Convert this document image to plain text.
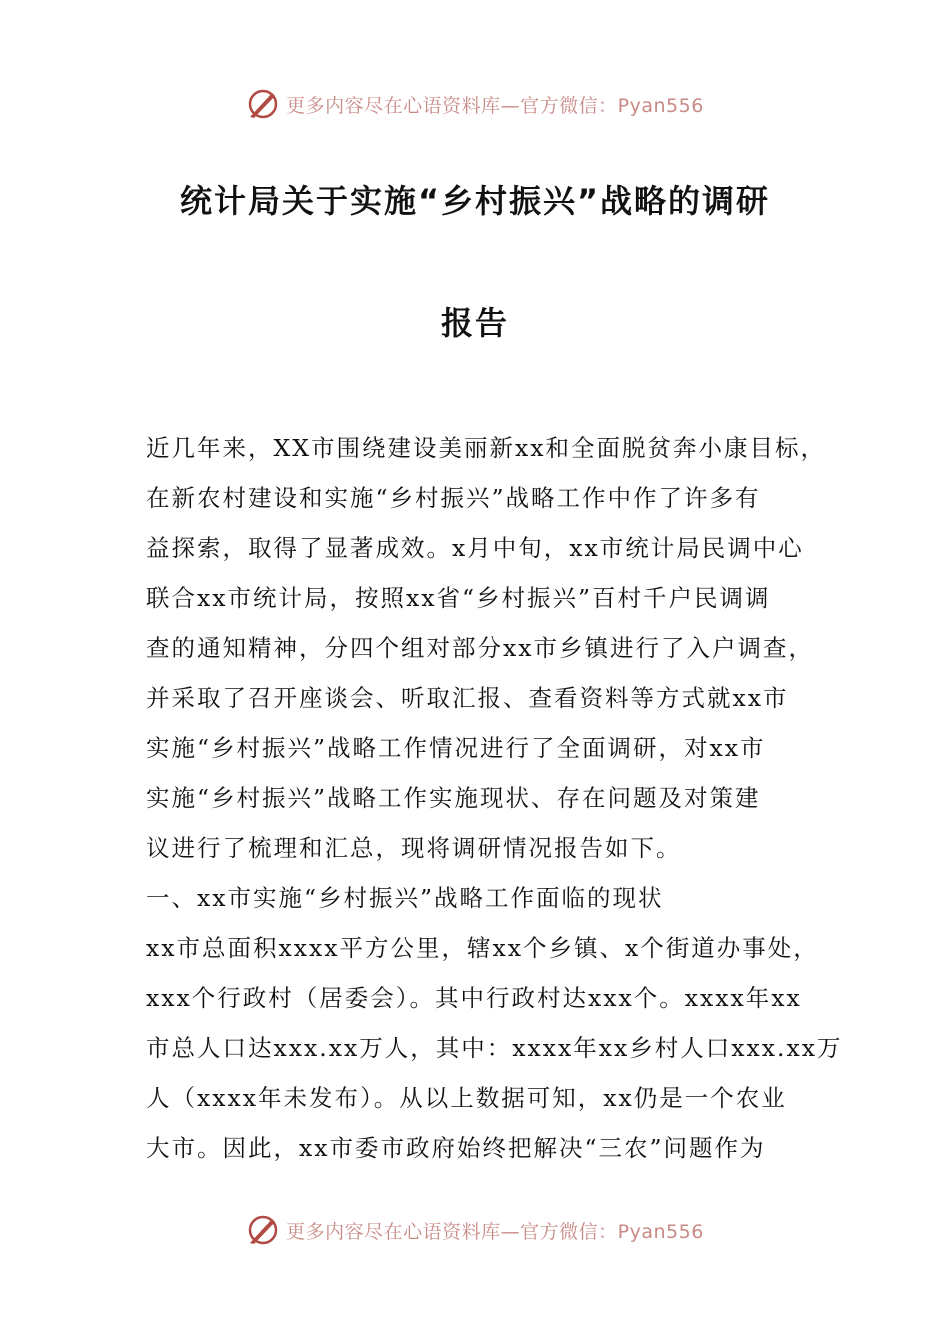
更多内容尽在心语资料库—官方微信：Pyan556
统计局关于实施“乡村振兴”战略的调研
报告
近几年来，XX市围绕建设美丽新xx和全面脱贫奔小康目标，
在新农村建设和实施“乡村振兴”战略工作中作了许多有
益探索，取得了显著成效。x月中旬，xx市统计局民调中心
联合xx市统计局，按照xx省“乡村振兴”百村千户民调调
查的通知精神，分四个组对部分xx市乡镇进行了入户调查，
并采取了召开座谈会、听取汇报、查看资料等方式就xx市
实施“乡村振兴”战略工作情况进行了全面调研，对xx市
实施“乡村振兴”战略工作实施现状、存在问题及对策建
议进行了梳理和汇总，现将调研情况报告如下。
一、xx市实施“乡村振兴”战略工作面临的现状
xx市总面积xxxx平方公里，辖xx个乡镇、x个街道办事处，
xxx个行政村（居委会）。其中行政村达xxx个。xxxx年xx
市总人口达xxx.xx万人，其中：xxxx年xx乡村人口xxx.xx万
人（xxxx年未发布）。从以上数据可知，xx仍是一个农业
大市。因此，xx市委市政府始终把解决“三农”问题作为
更多内容尽在心语资料库—官方微信：Pyan556
